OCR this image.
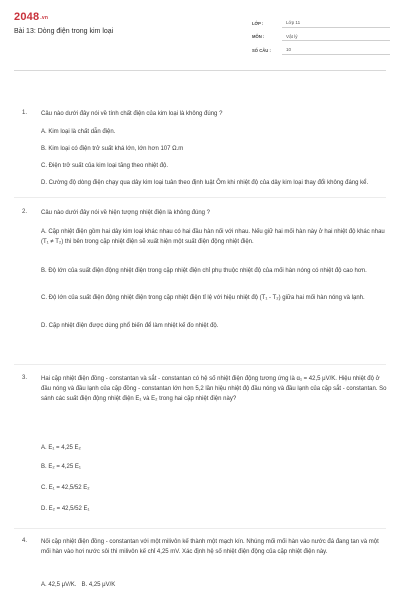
2048.vn
Bài 13: Dòng điện trong kim loại
LỚP :	Lớp 11
MÔN :	Vật lý
SỐ CÂU :	10
1. Câu nào dưới đây nói về tính chất điện của kim loại là không đúng ?

A. Kim loại là chất dẫn điện.

B. Kim loại có điện trở suất khá lớn, lớn hơn 107 Ω.m

C. Điện trở suất của kim loại tăng theo nhiệt độ.

D. Cường độ dòng điện chạy qua dây kim loại tuân theo định luật Ôm khi nhiệt độ của dây kim loại thay đổi không đáng kể.

2. Câu nào dưới đây nói về hiện tượng nhiệt điện là không đúng ?

A. Cặp nhiệt điện gồm hai dây kim loại khác nhau có hai đầu hàn nối với nhau. Nếu giữ hai mối hàn này ở hai nhiệt độ khác nhau (T₁ ≠ T₂) thì bên trong cặp nhiệt điện sẽ xuất hiện một suất điện động nhiệt điện.

B. Độ lớn của suất điện động nhiệt điện trong cặp nhiệt điện chỉ phụ thuộc nhiệt độ của mối hàn nóng có nhiệt độ cao hơn.

C. Độ lớn của suất điện động nhiệt điện trong cặp nhiệt điện tỉ lệ với hiệu nhiệt độ (T₁ - T₂) giữa hai mối hàn nóng và lạnh.

D. Cặp nhiệt điện được dùng phổ biến để làm nhiệt kế đo nhiệt độ.

3. Hai cặp nhiệt điện đồng - constantan và sắt - constantan có hệ số nhiệt điện động tương ứng là α₁ = 42,5 μV/K. Hiệu nhiệt độ ở đầu nóng và đầu lạnh của cặp đồng - constantan lớn hơn 5,2 lần hiệu nhiệt độ đầu nóng và đầu lạnh của cặp sắt - constantan. So sánh các suất điện động nhiệt điện E₁ và E₂ trong hai cặp nhiệt điện này?

A. E₁ = 4,25 E₂

B. E₂ = 4,25 E₁

C. E₁ = 42,5/52 E₂

D. E₂ = 42,5/52 E₁

4. Nối cặp nhiệt điện đồng - constantan với một milivôn kế thành một mạch kín. Nhúng mối mối hàn vào nước đá đang tan và một mối hàn vào hơi nước sôi thì milivôn kế chỉ 4,25 mV. Xác định hệ số nhiệt điện động của cặp nhiệt điện này.

A. 42,5 μV/K. B. 4,25 μV/K
